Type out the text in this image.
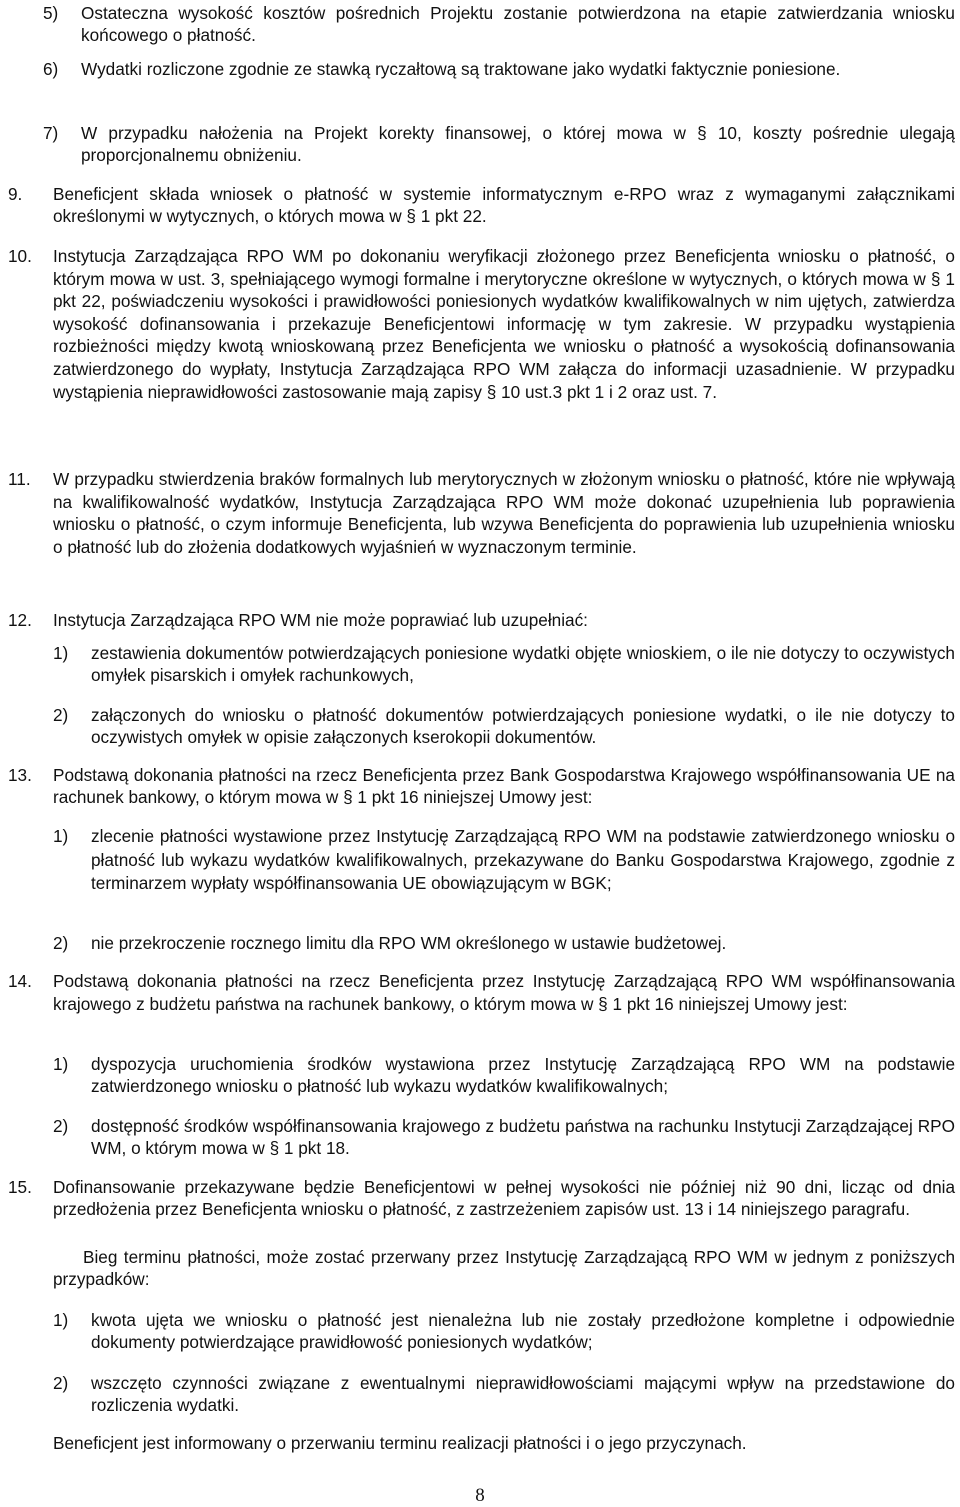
5) Ostateczna wysokość kosztów pośrednich Projektu zostanie potwierdzona na etapie zatwierdzania wniosku końcowego o płatność.
6) Wydatki rozliczone zgodnie ze stawką ryczałtową są traktowane jako wydatki faktycznie poniesione.
7) W przypadku nałożenia na Projekt korekty finansowej, o której mowa w § 10, koszty pośrednie ulegają proporcjonalnemu obniżeniu.
9. Beneficjent składa wniosek o płatność w systemie informatycznym e-RPO wraz z wymaganymi załącznikami określonymi w wytycznych, o których mowa w § 1 pkt 22.
10. Instytucja Zarządzająca RPO WM po dokonaniu weryfikacji złożonego przez Beneficjenta wniosku o płatność, o którym mowa w ust. 3, spełniającego wymogi formalne i merytoryczne określone w wytycznych, o których mowa w § 1 pkt 22, poświadczeniu wysokości i prawidłowości poniesionych wydatków kwalifikowalnych w nim ujętych, zatwierdza wysokość dofinansowania i przekazuje Beneficjentowi informację w tym zakresie. W przypadku wystąpienia rozbieżności między kwotą wnioskowaną przez Beneficjenta we wniosku o płatność a wysokością dofinansowania zatwierdzonego do wypłaty, Instytucja Zarządzająca RPO WM załącza do informacji uzasadnienie. W przypadku wystąpienia nieprawidłowości zastosowanie mają zapisy § 10 ust.3 pkt 1 i 2 oraz ust. 7.
11. W przypadku stwierdzenia braków formalnych lub merytorycznych w złożonym wniosku o płatność, które nie wpływają na kwalifikowalność wydatków, Instytucja Zarządzająca RPO WM może dokonać uzupełnienia lub poprawienia wniosku o płatność, o czym informuje Beneficjenta, lub wzywa Beneficjenta do poprawienia lub uzupełnienia wniosku o płatność lub do złożenia dodatkowych wyjaśnień w wyznaczonym terminie.
12. Instytucja Zarządzająca RPO WM nie może poprawiać lub uzupełniać:
1) zestawienia dokumentów potwierdzających poniesione wydatki objęte wnioskiem, o ile nie dotyczy to oczywistych omyłek pisarskich i omyłek rachunkowych,
2) załączonych do wniosku o płatność dokumentów potwierdzających poniesione wydatki, o ile nie dotyczy to oczywistych omyłek w opisie załączonych kserokopii dokumentów.
13. Podstawą dokonania płatności na rzecz Beneficjenta przez Bank Gospodarstwa Krajowego współfinansowania UE na rachunek bankowy, o którym mowa w § 1 pkt 16 niniejszej Umowy jest:
1) zlecenie płatności wystawione przez Instytucję Zarządzającą RPO WM na podstawie zatwierdzonego wniosku o płatność lub wykazu wydatków kwalifikowalnych, przekazywane do Banku Gospodarstwa Krajowego, zgodnie z terminarzem wypłaty współfinansowania UE obowiązującym w BGK;
2) nie przekroczenie rocznego limitu dla RPO WM określonego w ustawie budżetowej.
14. Podstawą dokonania płatności na rzecz Beneficjenta przez Instytucję Zarządzającą RPO WM współfinansowania krajowego z budżetu państwa na rachunek bankowy, o którym mowa w § 1 pkt 16 niniejszej Umowy jest:
1) dyspozycja uruchomienia środków wystawiona przez Instytucję Zarządzającą RPO WM na podstawie zatwierdzonego wniosku o płatność lub wykazu wydatków kwalifikowalnych;
2) dostępność środków współfinansowania krajowego z budżetu państwa na rachunku Instytucji Zarządzającej RPO WM, o którym mowa w § 1 pkt 18.
15. Dofinansowanie przekazywane będzie Beneficjentowi w pełnej wysokości nie później niż 90 dni, licząc od dnia przedłożenia przez Beneficjenta wniosku o płatność, z zastrzeżeniem zapisów ust. 13 i 14 niniejszego paragrafu.
Bieg terminu płatności, może zostać przerwany przez Instytucję Zarządzającą RPO WM w jednym z poniższych przypadków:
1) kwota ujęta we wniosku o płatność jest nienależna lub nie zostały przedłożone kompletne i odpowiednie dokumenty potwierdzające prawidłowość poniesionych wydatków;
2) wszczęto czynności związane z ewentualnymi nieprawidłowościami mającymi wpływ na przedstawione do rozliczenia wydatki.
Beneficjent jest informowany o przerwaniu terminu realizacji płatności i o jego przyczynach.
8
